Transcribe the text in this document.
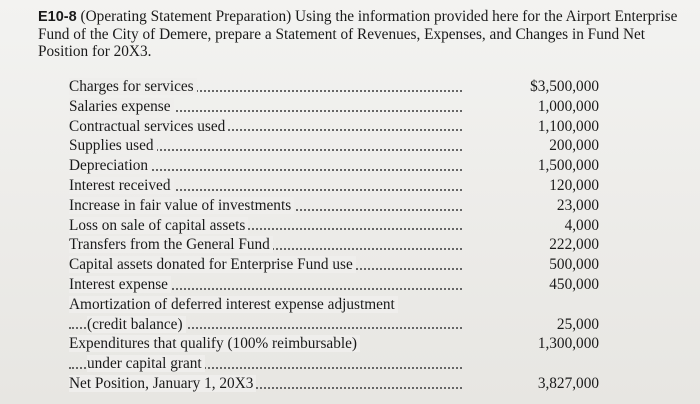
E10-8 (Operating Statement Preparation) Using the information provided here for the Airport Enterprise Fund of the City of Demere, prepare a Statement of Revenues, Expenses, and Changes in Fund Net Position for 20X3.
Charges for services	$3,500,000
Salaries expense	1,000,000
Contractual services used	1,100,000
Supplies used	200,000
Depreciation	1,500,000
Interest received	120,000
Increase in fair value of investments	23,000
Loss on sale of capital assets	4,000
Transfers from the General Fund	222,000
Capital assets donated for Enterprise Fund use	500,000
Interest expense	450,000
Amortization of deferred interest expense adjustment
(credit balance)	25,000
Expenditures that qualify (100% reimbursable)	1,300,000
under capital grant
Net Position, January 1, 20X3	3,827,000
